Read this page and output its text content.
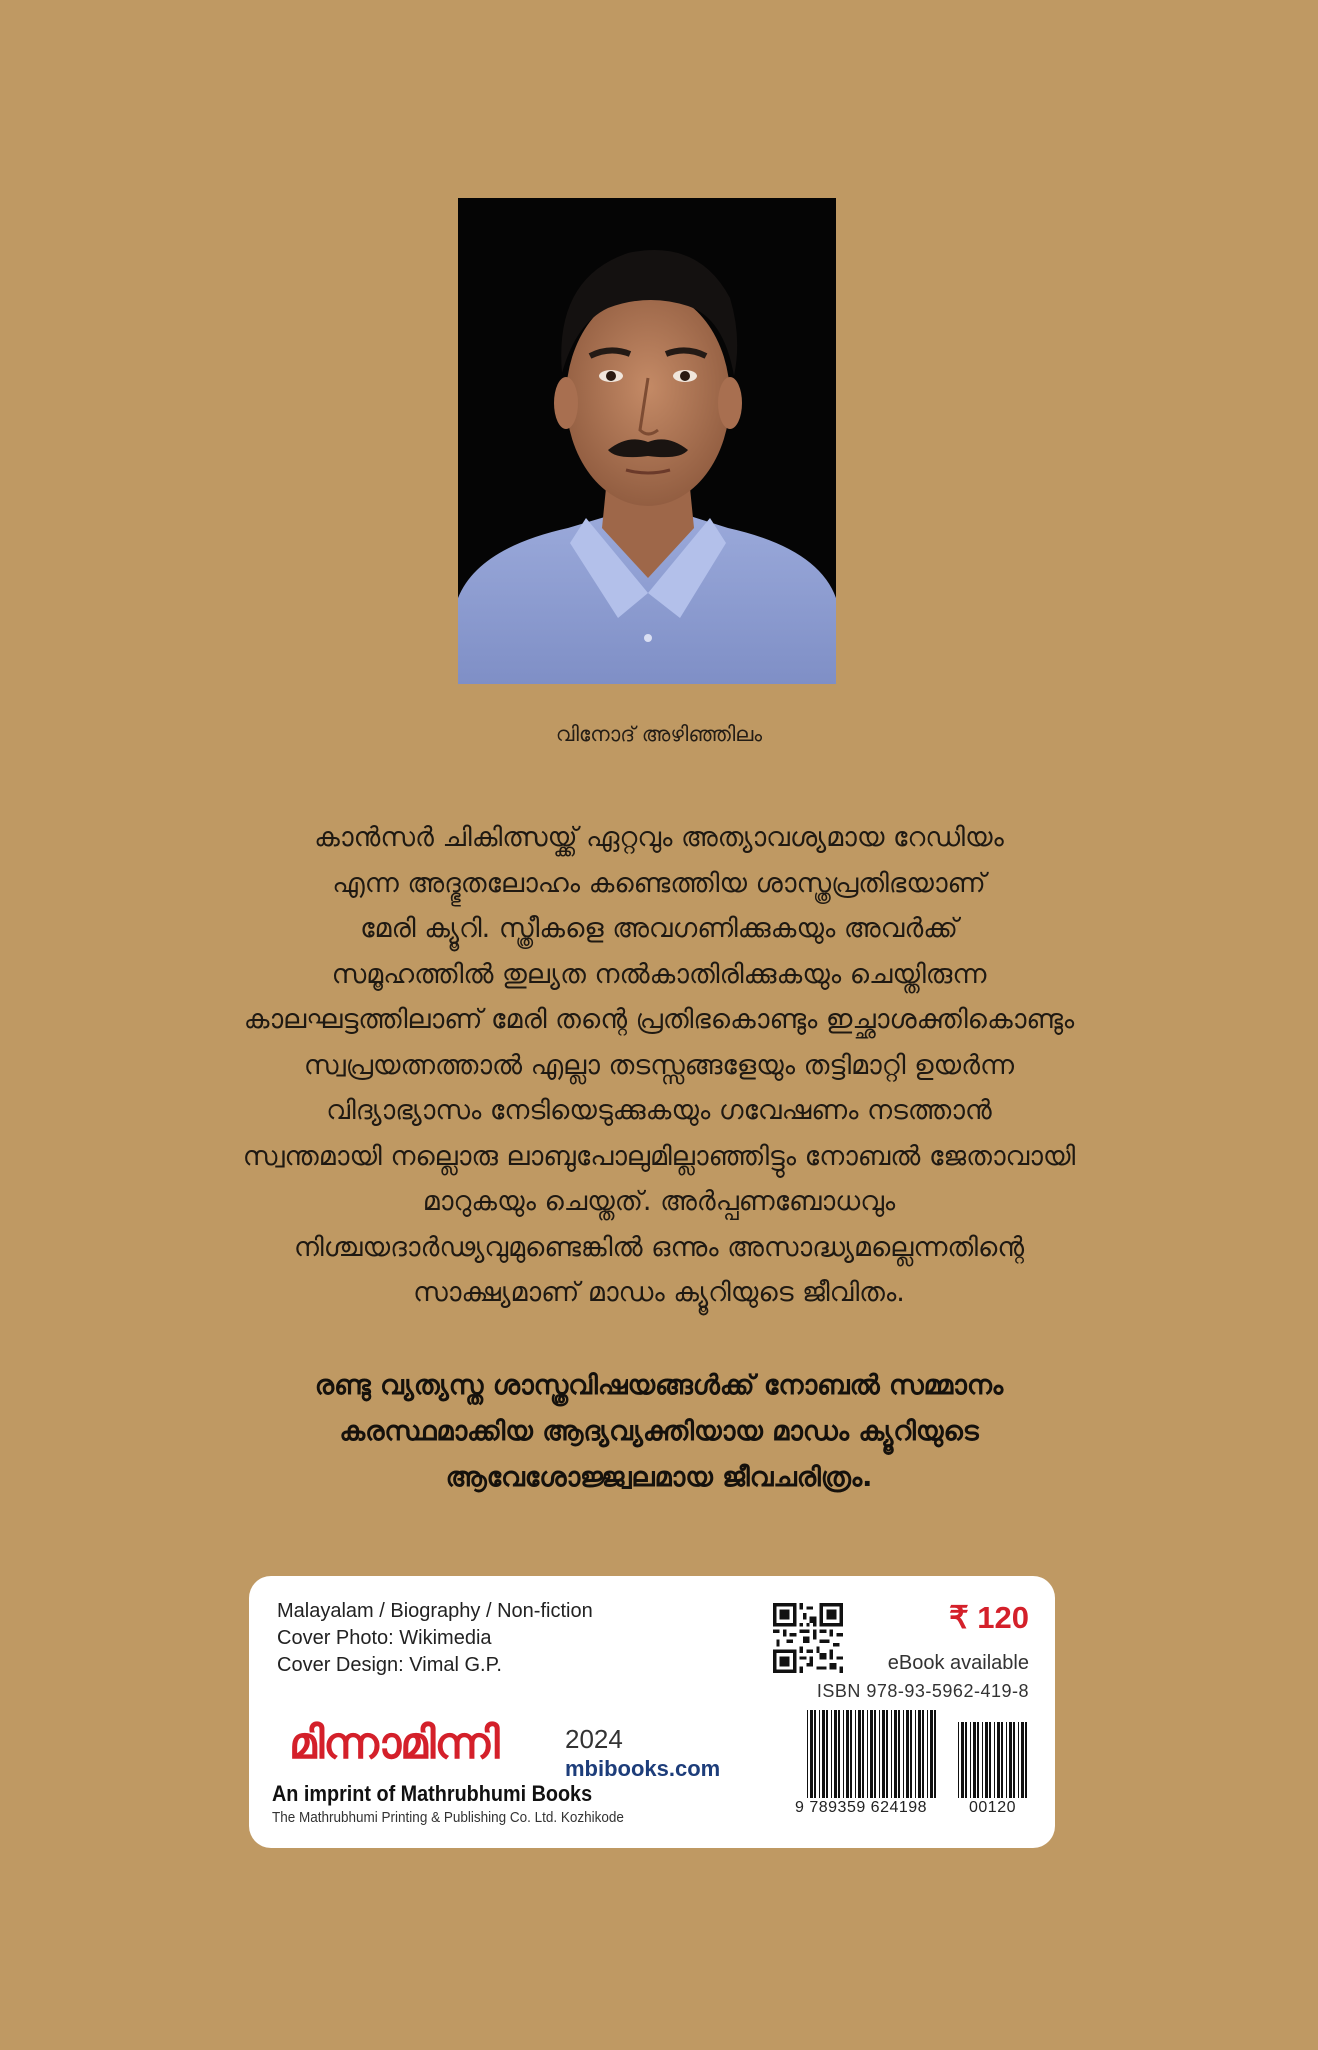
വിനോദ് അഴിഞ്ഞിലം
കാൻസർ ചികിത്സയ്ക്ക് ഏറ്റവും അത്യാവശ്യമായ റേഡിയം
എന്ന അദ്ഭുതലോഹം കണ്ടെത്തിയ ശാസ്ത്രപ്രതിഭയാണ്
മേരി ക്യൂറി. സ്ത്രീകളെ അവഗണിക്കുകയും അവർക്ക്
സമൂഹത്തിൽ തുല്യത നൽകാതിരിക്കുകയും ചെയ്തിരുന്ന
കാലഘട്ടത്തിലാണ് മേരി തന്റെ പ്രതിഭകൊണ്ടും ഇച്ഛാശക്തികൊണ്ടും
സ്വപ്രയത്നത്താൽ എല്ലാ തടസ്സങ്ങളേയും തട്ടിമാറ്റി ഉയർന്ന
വിദ്യാഭ്യാസം നേടിയെടുക്കുകയും ഗവേഷണം നടത്താൻ
സ്വന്തമായി നല്ലൊരു ലാബുപോലുമില്ലാഞ്ഞിട്ടും നോബൽ ജേതാവായി
മാറുകയും ചെയ്തത്. അർപ്പണബോധവും
നിശ്ചയദാർഢ്യവുമുണ്ടെങ്കിൽ ഒന്നും അസാദ്ധ്യമല്ലെന്നതിന്റെ
സാക്ഷ്യമാണ് മാഡം ക്യൂറിയുടെ ജീവിതം.
രണ്ടു വ്യത്യസ്ത ശാസ്ത്രവിഷയങ്ങൾക്ക് നോബൽ സമ്മാനം
കരസ്ഥമാക്കിയ ആദ്യവ്യക്തിയായ മാഡം ക്യൂറിയുടെ
ആവേശോജ്ജ്വലമായ ജീവചരിത്രം.
Malayalam / Biography / Non-fiction
Cover Photo: Wikimedia
Cover Design: Vimal G.P.
₹ 120
eBook available
ISBN 978-93-5962-419-8
9 789359 624198	00120
മിന്നാമിന്നി	2024
mbibooks.com
An imprint of Mathrubhumi Books
The Mathrubhumi Printing & Publishing Co. Ltd. Kozhikode
